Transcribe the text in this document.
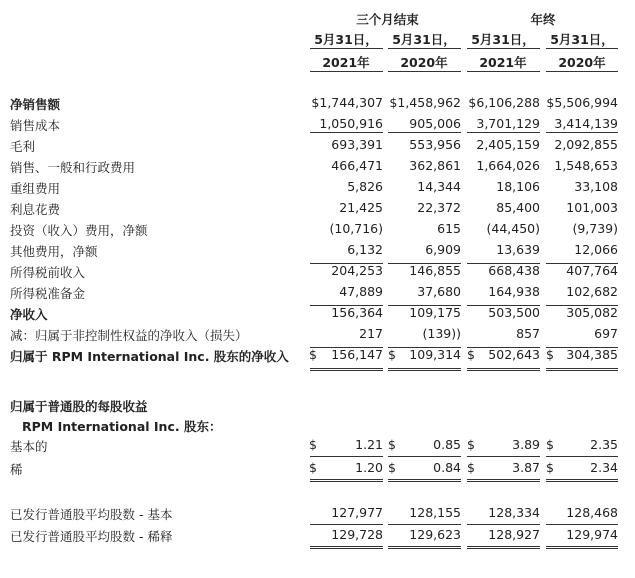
三个月结束	年终
5月31日，	5月31日，	5月31日，	5月31日，
2021年	2020年	2021年	2020年
净销售额	$1,744,307 $1,458,962 $6,106,288 $5,506,994
销售成本	1,050,916 905,006 3,701,129 3,414,139
毛利	693,391 553,956 2,405,159 2,092,855
销售、一般和行政费用	466,471 362,861 1,664,026 1,548,653
重组费用	5,826	14,344	18,106	33,108
利息花费	21,425	22,372	85,400 101,003
投资（收入）费用，净额	(10,716)	615 (44,450)	(9,739)
其他费用，净额	6,132	6,909	13,639	12,066
所得税前收入	204,253 146,855 668,438 407,764
所得税准备金	47,889	37,680 164,938 102,682
净收入	156,364 109,175 503,500 305,082
减：归属于非控制性权益的净收入（损失）	217	(139))	857	697
归属于 RPM International Inc. 股东的净收入 $ 156,147 $ 109,314 $ 502,643 $ 304,385
归属于普通股的每股收益
RPM International Inc. 股东：
基本的	$	1.21 $	0.85 $	3.89 $	2.35
稀	$	1.20 $	0.84 $	3.87 $	2.34
已发行普通股平均股数 - 基本	127,977 128,155 128,334 128,468
已发行普通股平均股数 - 稀释	129,728 129,623 128,927 129,974
